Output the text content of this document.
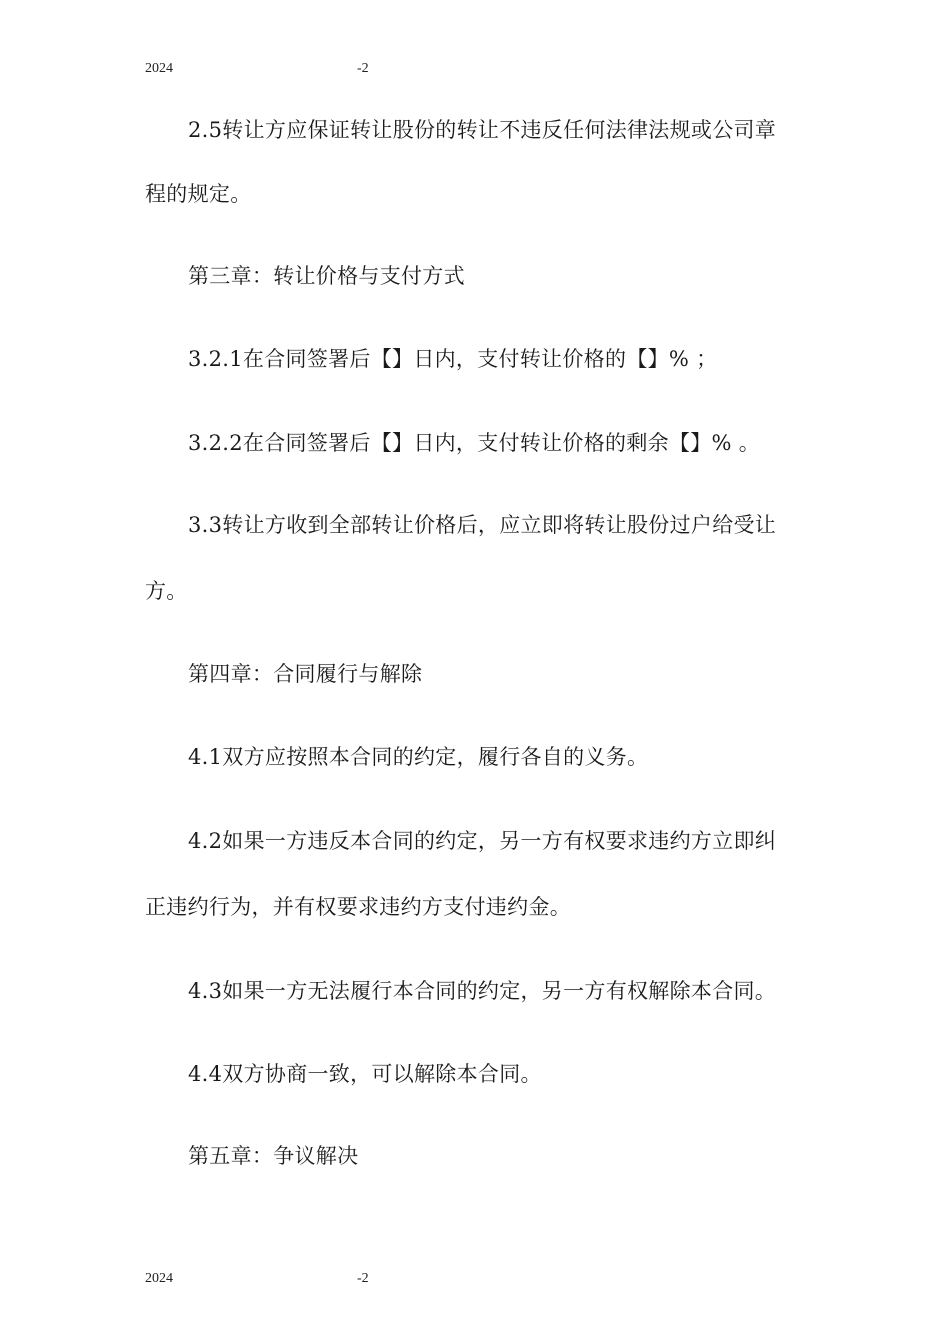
2024	-2
2.5转让方应保证转让股份的转让不违反任何法律法规或公司章
程的规定。
第三章：转让价格与支付方式
3.2.1在合同签署后【】日内，支付转让价格的【】% ；
3.2.2在合同签署后【】日内，支付转让价格的剩余【】% 。
3.3转让方收到全部转让价格后，应立即将转让股份过户给受让
方。
第四章：合同履行与解除
4.1双方应按照本合同的约定，履行各自的义务。
4.2如果一方违反本合同的约定，另一方有权要求违约方立即纠
正违约行为，并有权要求违约方支付违约金。
4.3如果一方无法履行本合同的约定，另一方有权解除本合同。
4.4双方协商一致，可以解除本合同。
第五章：争议解决
2024	-2
